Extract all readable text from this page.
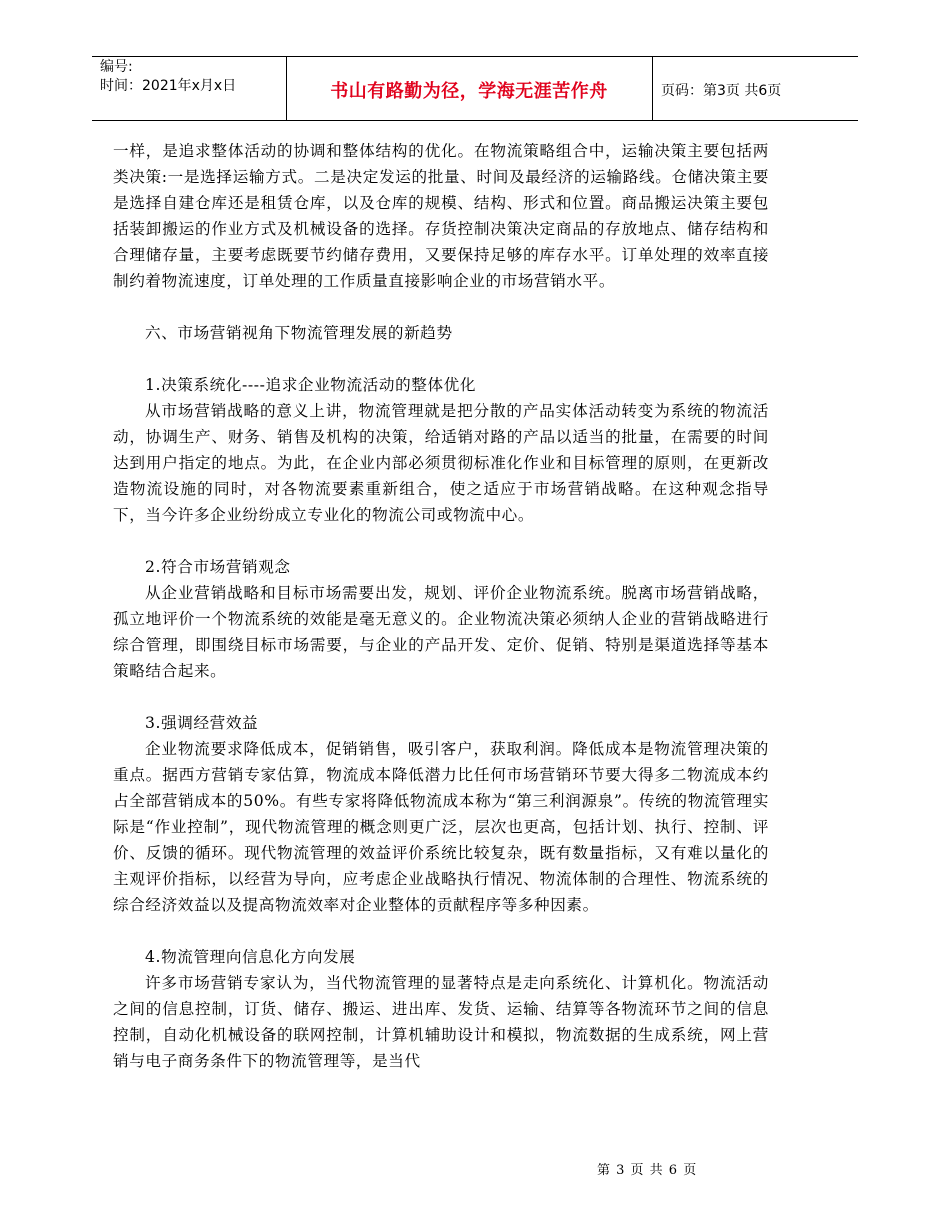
编号:
时间：2021年x月x日	书山有路勤为径，学海无涯苦作舟	页码：第3页 共6页

一样，是追求整体活动的协调和整体结构的优化。在物流策略组合中，运输决策主要包括两类决策:一是选择运输方式。二是决定发运的批量、时间及最经济的运输路线。仓储决策主要是选择自建仓库还是租赁仓库，以及仓库的规模、结构、形式和位置。商品搬运决策主要包括装卸搬运的作业方式及机械设备的选择。存货控制决策决定商品的存放地点、储存结构和合理储存量，主要考虑既要节约储存费用，又要保持足够的库存水平。订单处理的效率直接制约着物流速度，订单处理的工作质量直接影响企业的市场营销水平。

六、市场营销视角下物流管理发展的新趋势

1.决策系统化----追求企业物流活动的整体优化

从市场营销战略的意义上讲，物流管理就是把分散的产品实体活动转变为系统的物流活动，协调生产、财务、销售及机构的决策，给适销对路的产品以适当的批量，在需要的时间达到用户指定的地点。为此，在企业内部必须贯彻标准化作业和目标管理的原则，在更新改造物流设施的同时，对各物流要素重新组合，使之适应于市场营销战略。在这种观念指导下，当今许多企业纷纷成立专业化的物流公司或物流中心。

2.符合市场营销观念

从企业营销战略和目标市场需要出发，规划、评价企业物流系统。脱离市场营销战略，孤立地评价一个物流系统的效能是毫无意义的。企业物流决策必须纳人企业的营销战略进行综合管理，即围绕目标市场需要，与企业的产品开发、定价、促销、特别是渠道选择等基本策略结合起来。

3.强调经营效益

企业物流要求降低成本，促销销售，吸引客户，获取利润。降低成本是物流管理决策的重点。据西方营销专家估算，物流成本降低潜力比任何市场营销环节要大得多二物流成本约占全部营销成本的50%。有些专家将降低物流成本称为“第三利润源泉”。传统的物流管理实际是“作业控制”，现代物流管理的概念则更广泛，层次也更高，包括计划、执行、控制、评价、反馈的循环。现代物流管理的效益评价系统比较复杂，既有数量指标，又有难以量化的主观评价指标，以经营为导向，应考虑企业战略执行情况、物流体制的合理性、物流系统的综合经济效益以及提高物流效率对企业整体的贡献程序等多种因素。

4.物流管理向信息化方向发展

许多市场营销专家认为，当代物流管理的显著特点是走向系统化、计算机化。物流活动之间的信息控制，订货、储存、搬运、进出库、发货、运输、结算等各物流环节之间的信息控制，自动化机械设备的联网控制，计算机辅助设计和模拟，物流数据的生成系统，网上营销与电子商务条件下的物流管理等，是当代

第 3 页 共 6 页
